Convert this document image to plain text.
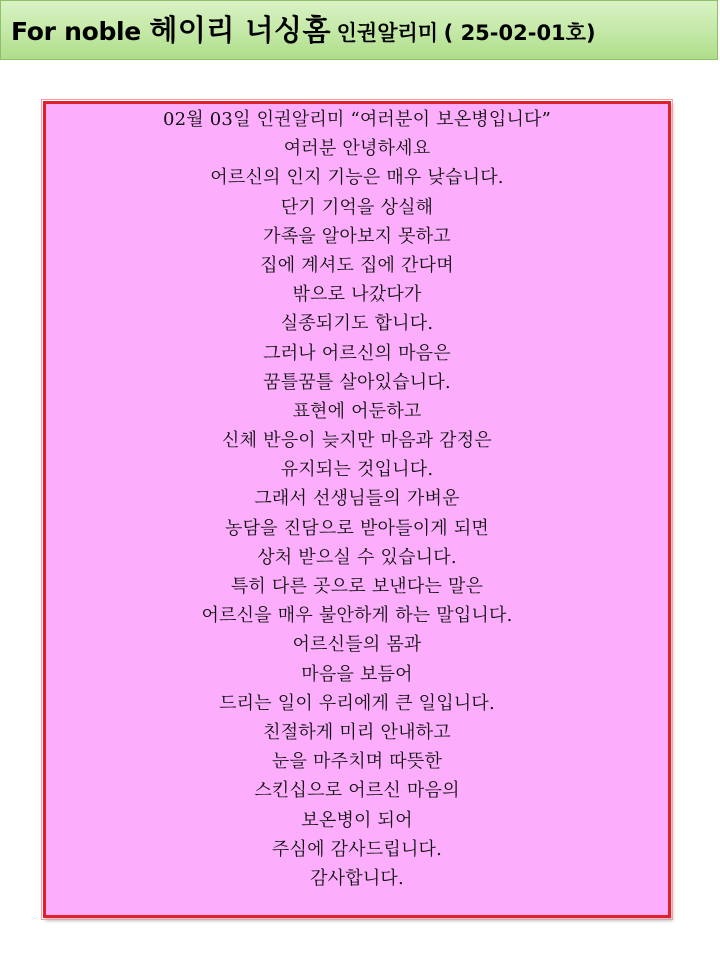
For noble 헤이리 너싱홈 인권알리미 ( 25-02-01호)
02월 03일 인권알리미 “여러분이 보온병입니다”
여러분 안녕하세요
어르신의 인지 기능은 매우 낮습니다.
단기 기억을 상실해
가족을 알아보지 못하고
집에 계셔도 집에 간다며
밖으로 나갔다가
실종되기도 합니다.
그러나 어르신의 마음은
꿈틀꿈틀 살아있습니다.
표현에 어둔하고
신체 반응이 늦지만 마음과 감정은
유지되는 것입니다.
그래서 선생님들의 가벼운
농담을 진담으로 받아들이게 되면
상처 받으실 수 있습니다.
특히 다른 곳으로 보낸다는 말은
어르신을 매우 불안하게 하는 말입니다.
어르신들의 몸과
마음을 보듬어
드리는 일이 우리에게 큰 일입니다.
친절하게 미리 안내하고
눈을 마주치며 따뜻한
스킨십으로 어르신 마음의
보온병이 되어
주심에 감사드립니다.
감사합니다.
